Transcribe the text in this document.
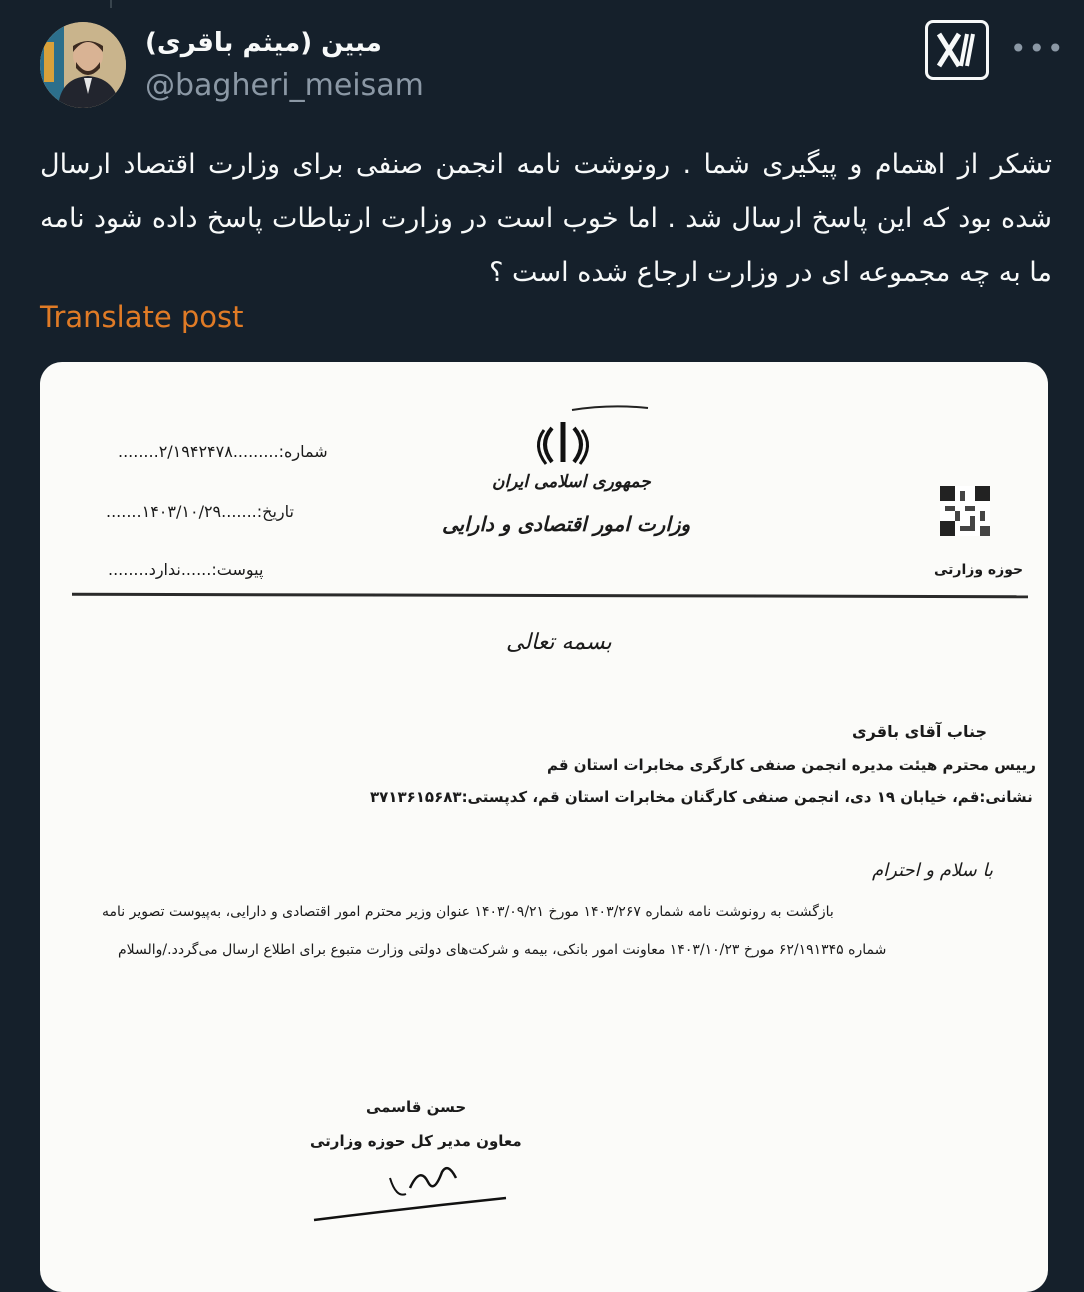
مبین (میثم باقری)
@bagheri_meisam
•••
تشکر از اهتمام و پیگیری شما . رونوشت نامه انجمن صنفی برای وزارت اقتصاد ارسال شده بود که این پاسخ ارسال شد . اما خوب است در وزارت ارتباطات پاسخ داده شود نامه ما به چه مجموعه ای در وزارت ارجاع شده است ؟
Translate post
جمهوری اسلامی ایران
وزارت امور اقتصادی و دارایی
شماره:.........۲/۱۹۴۲۴۷۸........
تاریخ:.......۱۴۰۳/۱۰/۲۹.......
پیوست:......ندارد........	حوزه وزارتی
بسمه تعالی
جناب آقای باقری
رییس محترم هیئت مدیره انجمن صنفی کارگری مخابرات استان قم
نشانی:قم، خیابان ۱۹ دی، انجمن صنفی کارگنان مخابرات استان قم، کدپستی:۳۷۱۳۶۱۵۶۸۳
با سلام و احترام
بازگشت به رونوشت نامه شماره ۱۴۰۳/۲۶۷ مورخ ۱۴۰۳/۰۹/۲۱ عنوان وزیر محترم امور اقتصادی و دارایی، به‌پیوست تصویر نامه
شماره ۶۲/۱۹۱۳۴۵ مورخ ۱۴۰۳/۱۰/۲۳ معاونت امور بانکی، بیمه و شرکت‌های دولتی وزارت متبوع برای اطلاع ارسال می‌گردد./والسلام
حسن قاسمی
معاون مدیر کل حوزه وزارتی
